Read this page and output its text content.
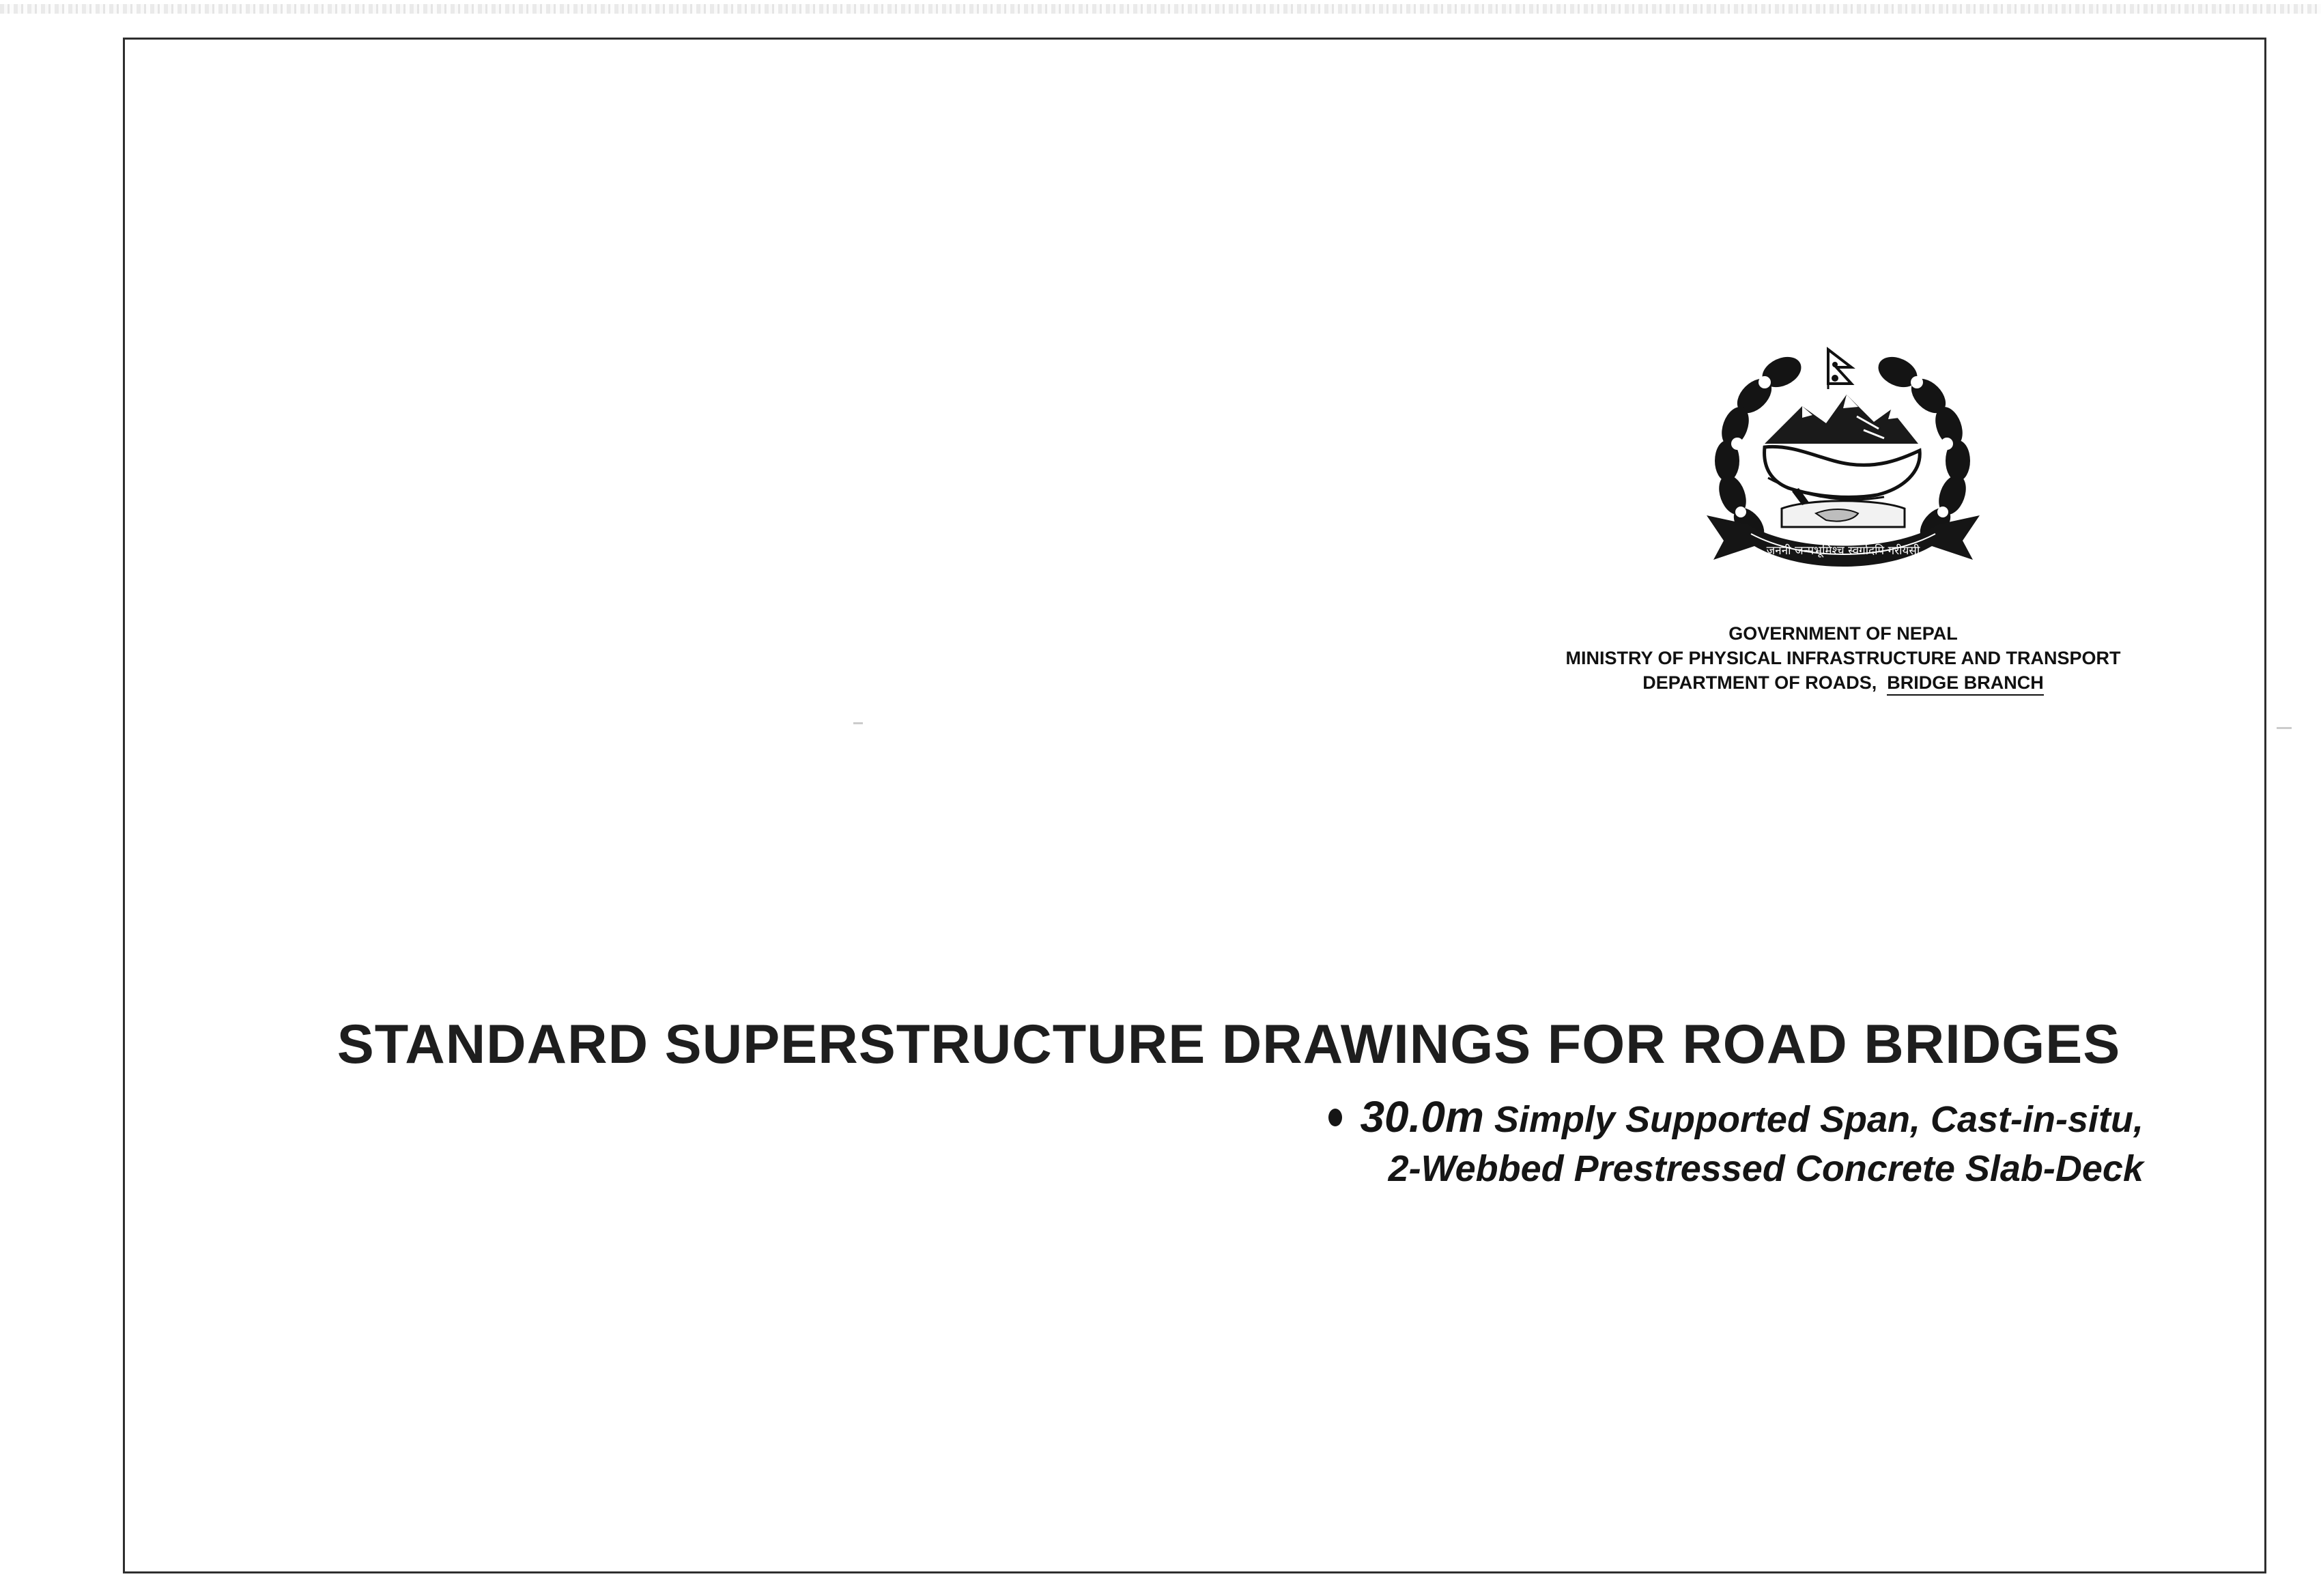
जननी जन्मभूमिश्च स्वर्गादपि गरीयसी
GOVERNMENT OF NEPAL
MINISTRY OF PHYSICAL INFRASTRUCTURE AND TRANSPORT
DEPARTMENT OF ROADS, BRIDGE BRANCH
STANDARD SUPERSTRUCTURE DRAWINGS FOR ROAD BRIDGES
30.0m Simply Supported Span, Cast-in-situ,
2-Webbed Prestressed Concrete Slab-Deck
